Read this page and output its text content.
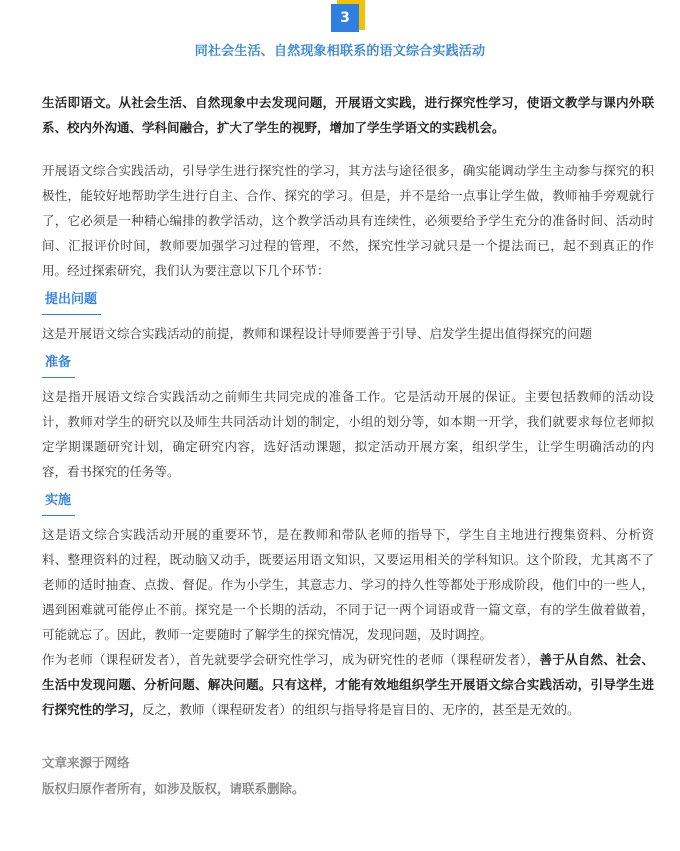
3
同社会生活、自然现象相联系的语文综合实践活动

生活即语文。从社会生活、自然现象中去发现问题，开展语文实践，进行探究性学习，使语文教学与课内外联系、校内外沟通、学科间融合，扩大了学生的视野，增加了学生学语文的实践机会。

开展语文综合实践活动，引导学生进行探究性的学习，其方法与途径很多，确实能调动学生主动参与探究的积极性，能较好地帮助学生进行自主、合作、探究的学习。但是，并不是给一点事让学生做，教师袖手旁观就行了，它必须是一种精心编排的教学活动，这个教学活动具有连续性，必须要给予学生充分的准备时间、活动时间、汇报评价时间，教师要加强学习过程的管理，不然，探究性学习就只是一个提法而已，起不到真正的作用。经过探索研究，我们认为要注意以下几个环节：

提出问题

这是开展语文综合实践活动的前提，教师和课程设计导师要善于引导、启发学生提出值得探究的问题

准备

这是指开展语文综合实践活动之前师生共同完成的准备工作。它是活动开展的保证。主要包括教师的活动设计，教师对学生的研究以及师生共同活动计划的制定，小组的划分等，如本期一开学，我们就要求每位老师拟定学期课题研究计划，确定研究内容，选好活动课题，拟定活动开展方案，组织学生，让学生明确活动的内容，看书探究的任务等。

实施

这是语文综合实践活动开展的重要环节，是在教师和带队老师的指导下，学生自主地进行搜集资料、分析资料、整理资料的过程，既动脑又动手，既要运用语文知识，又要运用相关的学科知识。这个阶段，尤其离不了老师的适时抽查、点拨、督促。作为小学生，其意志力、学习的持久性等都处于形成阶段，他们中的一些人，遇到困难就可能停止不前。探究是一个长期的活动，不同于记一两个词语或背一篇文章，有的学生做着做着，可能就忘了。因此，教师一定要随时了解学生的探究情况，发现问题，及时调控。

作为老师（课程研发者），首先就要学会研究性学习，成为研究性的老师（课程研发者），善于从自然、社会、生活中发现问题、分析问题、解决问题。只有这样，才能有效地组织学生开展语文综合实践活动，引导学生进行探究性的学习，反之，教师（课程研发者）的组织与指导将是盲目的、无序的，甚至是无效的。

文章来源于网络

版权归原作者所有，如涉及版权，请联系删除。
